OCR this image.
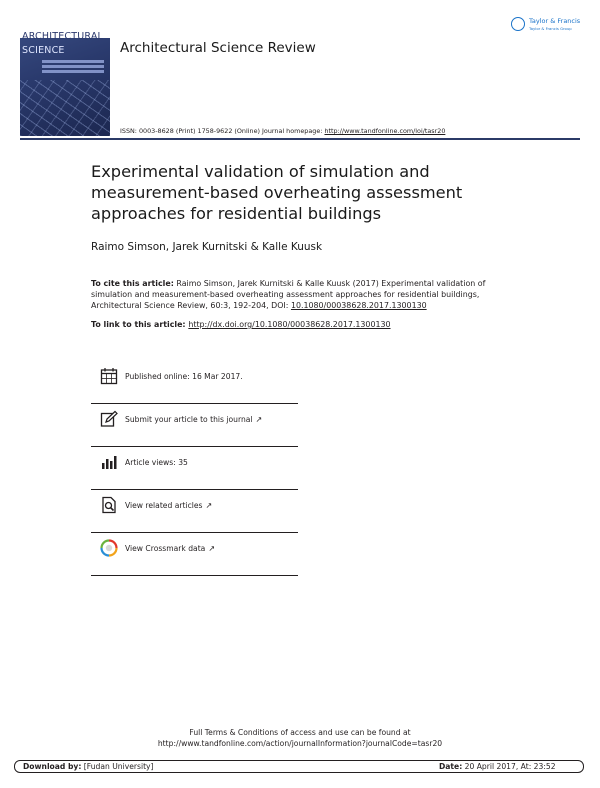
ARCHITECTURAL
SCIENCE	Architectural Science Review
Taylor & Francis
Taylor & Francis Group
ISSN: 0003-8628 (Print) 1758-9622 (Online) Journal homepage: http://www.tandfonline.com/loi/tasr20
Experimental validation of simulation and
measurement-based overheating assessment
approaches for residential buildings
Raimo Simson, Jarek Kurnitski & Kalle Kuusk
To cite this article: Raimo Simson, Jarek Kurnitski & Kalle Kuusk (2017) Experimental validation of
simulation and measurement-based overheating assessment approaches for residential buildings,
Architectural Science Review, 60:3, 192-204, DOI: 10.1080/00038628.2017.1300130
To link to this article: http://dx.doi.org/10.1080/00038628.2017.1300130
Published online: 16 Mar 2017.
Submit your article to this journal ↗
Article views: 35
View related articles ↗
View Crossmark data ↗
Full Terms & Conditions of access and use can be found at
http://www.tandfonline.com/action/journalInformation?journalCode=tasr20
Download by: [Fudan University]	Date: 20 April 2017, At: 23:52
